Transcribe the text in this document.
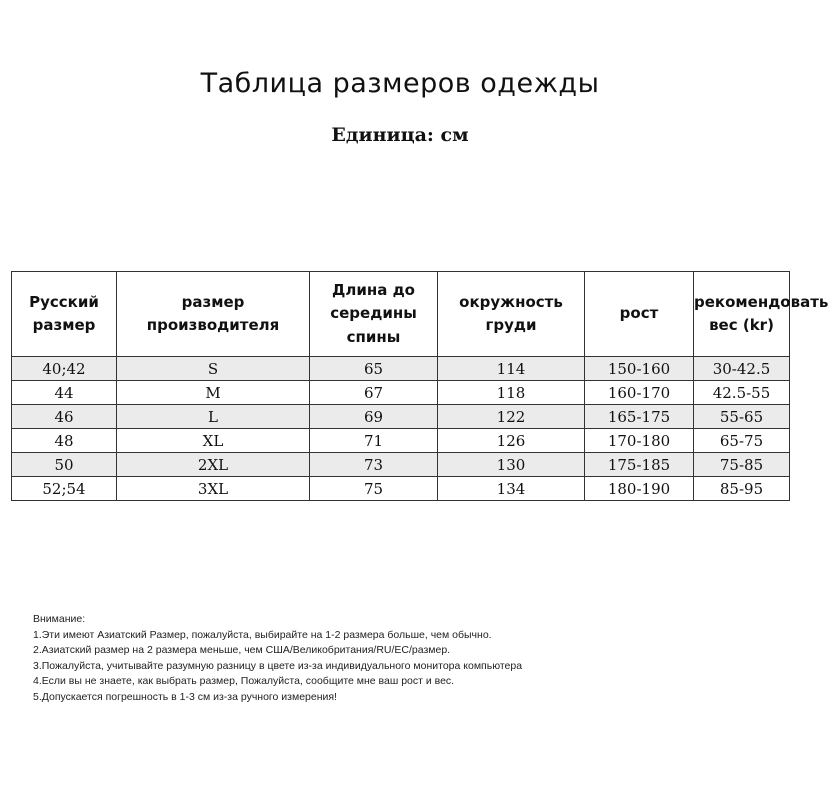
Таблица размеров одежды
Единица: см
Русский размер	размер производителя	Длина до середины спины	окружность груди	рост	рекомендовать вес (kr)
40;42	S	65	114	150-160	30-42.5
44	M	67	118	160-170	42.5-55
46	L	69	122	165-175	55-65
48	XL	71	126	170-180	65-75
50	2XL	73	130	175-185	75-85
52;54	3XL	75	134	180-190	85-95
Внимание:
1.Эти имеют Азиатский Размер, пожалуйста, выбирайте на 1-2 размера больше, чем обычно.
2.Азиатский размер на 2 размера меньше, чем США/Великобритания/RU/EC/размер.
3.Пожалуйста, учитывайте разумную разницу в цвете из-за индивидуального монитора компьютера
4.Если вы не знаете, как выбрать размер, Пожалуйста, сообщите мне ваш рост и вес.
5.Допускается погрешность в 1-3 см из-за ручного измерения!
